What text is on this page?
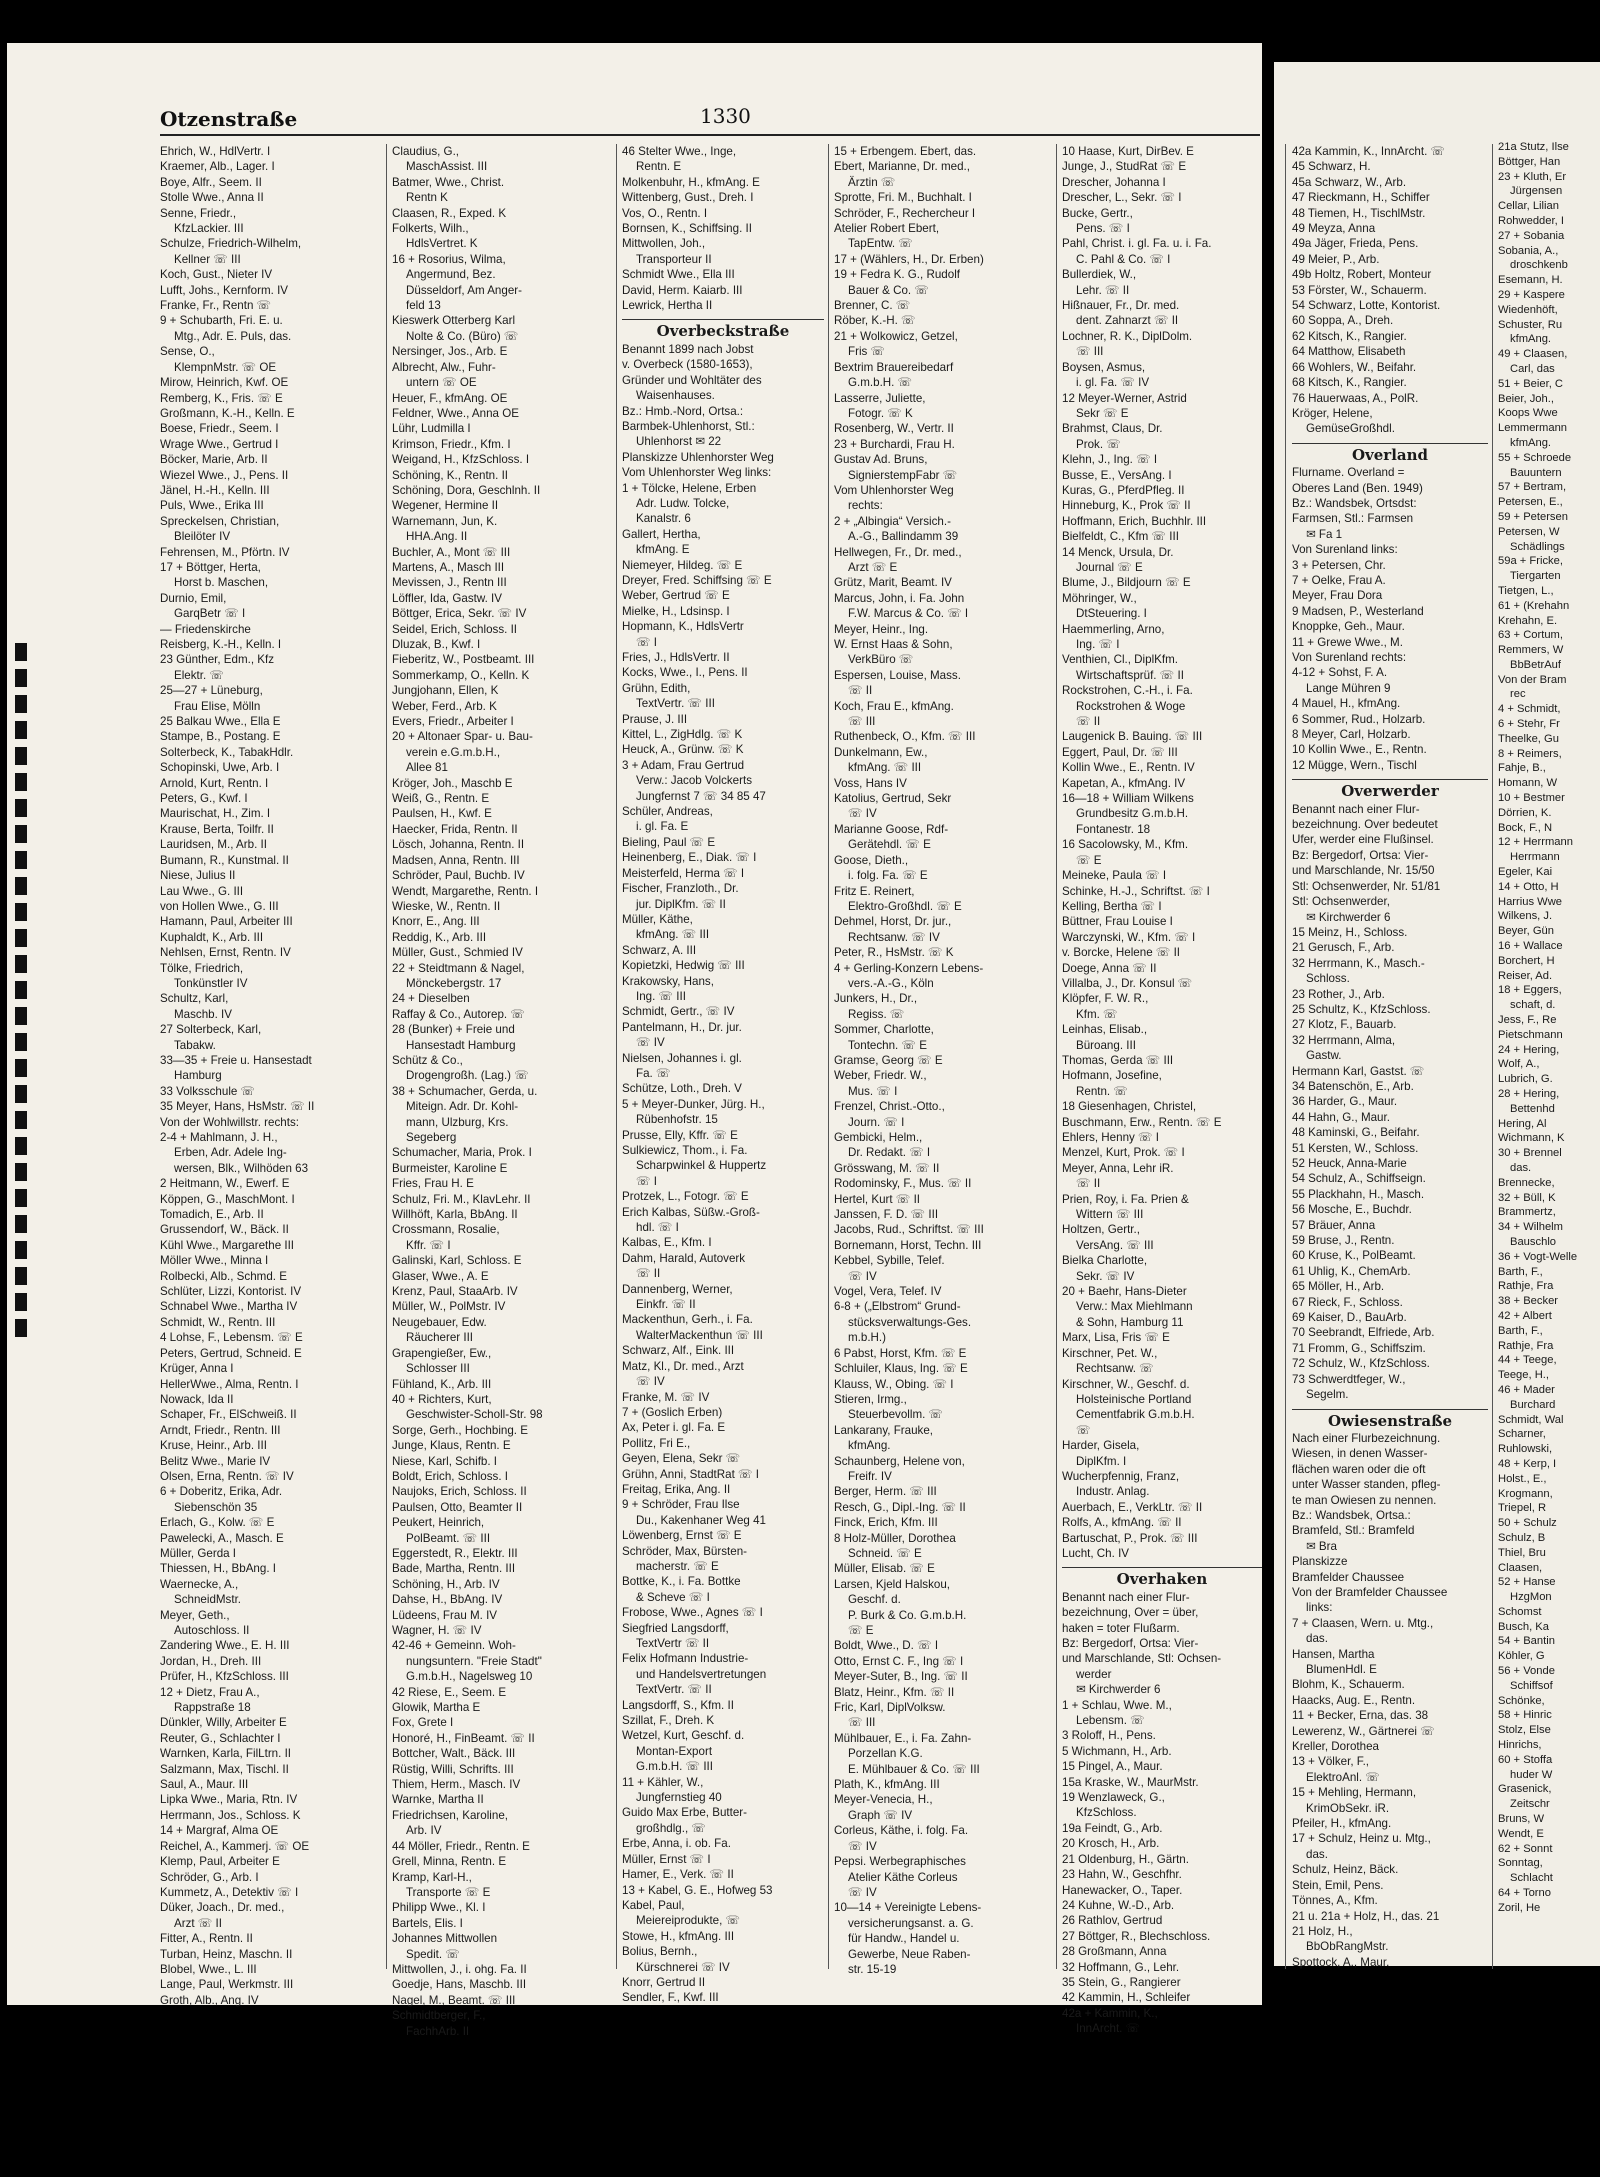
Otzenstraße	1330
Ehrich, W., HdlVertr. I
Kraemer, Alb., Lager. I
Boye, Alfr., Seem. II
Stolle Wwe., Anna II
Senne, Friedr.,
KfzLackier. III
Schulze, Friedrich-Wilhelm,
Kellner ☏ III
Koch, Gust., Nieter IV
Lufft, Johs., Kernform. IV
Franke, Fr., Rentn ☏
9 + Schubarth, Fri. E. u.
Mtg., Adr. E. Puls, das.
Sense, O.,
KlempnMstr. ☏ OE
Mirow, Heinrich, Kwf. OE
Remberg, K., Fris. ☏ E
Großmann, K.-H., Kelln. E
Boese, Friedr., Seem. I
Wrage Wwe., Gertrud I
Böcker, Marie, Arb. II
Wiezel Wwe., J., Pens. II
Jänel, H.-H., Kelln. III
Puls, Wwe., Erika III
Spreckelsen, Christian,
Bleilöter IV
Fehrensen, M., Pförtn. IV
17 + Böttger, Herta,
Horst b. Maschen,
Durnio, Emil,
GarqBetr ☏ I
— Friedenskirche
Reisberg, K.-H., Kelln. I
23 Günther, Edm., Kfz
Elektr. ☏
25—27 + Lüneburg,
Frau Elise, Mölln
25 Balkau Wwe., Ella E
Stampe, B., Postang. E
Solterbeck, K., TabakHdlr.
Schopinski, Uwe, Arb. I
Arnold, Kurt, Rentn. I
Peters, G., Kwf. I
Maurischat, H., Zim. I
Krause, Berta, Toilfr. II
Lauridsen, M., Arb. II
Bumann, R., Kunstmal. II
Niese, Julius II
Lau Wwe., G. III
von Hollen Wwe., G. III
Hamann, Paul, Arbeiter III
Kuphaldt, K., Arb. III
Nehlsen, Ernst, Rentn. IV
Tölke, Friedrich,
Tonkünstler IV
Schultz, Karl,
Maschb. IV
27 Solterbeck, Karl,
Tabakw.
33—35 + Freie u. Hansestadt
Hamburg
33 Volksschule ☏
35 Meyer, Hans, HsMstr. ☏ II
Von der Wohlwillstr. rechts:
2-4 + Mahlmann, J. H.,
Erben, Adr. Adele Ing-
wersen, Blk., Wilhöden 63
2 Heitmann, W., Ewerf. E
Köppen, G., MaschMont. I
Tomadich, E., Arb. II
Grussendorf, W., Bäck. II
Kühl Wwe., Margarethe III
Möller Wwe., Minna I
Rolbecki, Alb., Schmd. E
Schlüter, Lizzi, Kontorist. IV
Schnabel Wwe., Martha IV
Schmidt, W., Rentn. III
4 Lohse, F., Lebensm. ☏ E
Peters, Gertrud, Schneid. E
Krüger, Anna I
HellerWwe., Alma, Rentn. I
Nowack, Ida II
Schaper, Fr., ElSchweiß. II
Arndt, Friedr., Rentn. III
Kruse, Heinr., Arb. III
Belitz Wwe., Marie IV
Olsen, Erna, Rentn. ☏ IV
6 + Doberitz, Erika, Adr.
Siebenschön 35
Erlach, G., Kolw. ☏ E
Pawelecki, A., Masch. E
Müller, Gerda I
Thiessen, H., BbAng. I
Waernecke, A.,
SchneidMstr.
Meyer, Geth.,
Autoschloss. II
Zandering Wwe., E. H. III
Jordan, H., Dreh. III
Prüfer, H., KfzSchloss. III
12 + Dietz, Frau A.,
Rappstraße 18
Dünkler, Willy, Arbeiter E
Reuter, G., Schlachter I
Warnken, Karla, FilLtrn. II
Salzmann, Max, Tischl. II
Saul, A., Maur. III
Lipka Wwe., Maria, Rtn. IV
Herrmann, Jos., Schloss. K
14 + Margraf, Alma OE
Reichel, A., Kammerj. ☏ OE
Klemp, Paul, Arbeiter E
Schröder, G., Arb. I
Kummetz, A., Detektiv ☏ I
Düker, Joach., Dr. med.,
Arzt ☏ II
Fitter, A., Rentn. II
Turban, Heinz, Maschn. II
Blobel, Wwe., L. III
Lange, Paul, Werkmstr. III
Groth, Alb., Ang. IV
Claudius, G.,
MaschAssist. III
Batmer, Wwe., Christ.
Rentn K
Claasen, R., Exped. K
Folkerts, Wilh.,
HdlsVertret. K
16 + Rosorius, Wilma,
Angermund, Bez.
Düsseldorf, Am Anger-
feld 13
Kieswerk Otterberg Karl
Nolte & Co. (Büro) ☏
Nersinger, Jos., Arb. E
Albrecht, Alw., Fuhr-
untern ☏ OE
Heuer, F., kfmAng. OE
Feldner, Wwe., Anna OE
Lühr, Ludmilla I
Krimson, Friedr., Kfm. I
Weigand, H., KfzSchloss. I
Schöning, K., Rentn. II
Schöning, Dora, Geschlnh. II
Wegener, Hermine II
Warnemann, Jun, K.
HHA.Ang. II
Buchler, A., Mont ☏ III
Martens, A., Masch III
Mevissen, J., Rentn III
Löffler, Ida, Gastw. IV
Böttger, Erica, Sekr. ☏ IV
Seidel, Erich, Schloss. II
Dluzak, B., Kwf. I
Fieberitz, W., Postbeamt. III
Sommerkamp, O., Kelln. K
Jungjohann, Ellen, K
Weber, Ferd., Arb. K
Evers, Friedr., Arbeiter I
20 + Altonaer Spar- u. Bau-
verein e.G.m.b.H.,
Allee 81
Kröger, Joh., Maschb E
Weiß, G., Rentn. E
Paulsen, H., Kwf. E
Haecker, Frida, Rentn. II
Lösch, Johanna, Rentn. II
Madsen, Anna, Rentn. III
Schröder, Paul, Buchb. IV
Wendt, Margarethe, Rentn. I
Wieske, W., Rentn. II
Knorr, E., Ang. III
Reddig, K., Arb. III
Müller, Gust., Schmied IV
22 + Steidtmann & Nagel,
Mönckebergstr. 17
24 + Dieselben
Raffay & Co., Autorep. ☏
28 (Bunker) + Freie und
Hansestadt Hamburg
Schütz & Co.,
Drogengroßh. (Lag.) ☏
38 + Schumacher, Gerda, u.
Miteign. Adr. Dr. Kohl-
mann, Ulzburg, Krs.
Segeberg
Schumacher, Maria, Prok. I
Burmeister, Karoline E
Fries, Frau H. E
Schulz, Fri. M., KlavLehr. II
Willhöft, Karla, BbAng. II
Crossmann, Rosalie,
Kffr. ☏ I
Galinski, Karl, Schloss. E
Glaser, Wwe., A. E
Krenz, Paul, StaaArb. IV
Müller, W., PolMstr. IV
Neugebauer, Edw.
Räucherer III
Grapengießer, Ew.,
Schlosser III
Fühland, K., Arb. III
40 + Richters, Kurt,
Geschwister-Scholl-Str. 98
Sorge, Gerh., Hochbing. E
Junge, Klaus, Rentn. E
Niese, Karl, Schifb. I
Boldt, Erich, Schloss. I
Naujoks, Erich, Schloss. II
Paulsen, Otto, Beamter II
Peukert, Heinrich,
PolBeamt. ☏ III
Eggerstedt, R., Elektr. III
Bade, Martha, Rentn. III
Schöning, H., Arb. IV
Dahse, H., BbAng. IV
Lüdeens, Frau M. IV
Wagner, H. ☏ IV
42-46 + Gemeinn. Woh-
nungsuntern. "Freie Stadt"
G.m.b.H., Nagelsweg 10
42 Riese, E., Seem. E
Glowik, Martha E
Fox, Grete I
Honoré, H., FinBeamt. ☏ II
Bottcher, Walt., Bäck. III
Rüstig, Willi, Schrifts. III
Thiem, Herm., Masch. IV
Warnke, Martha II
Friedrichsen, Karoline,
Arb. IV
44 Möller, Friedr., Rentn. E
Grell, Minna, Rentn. E
Kramp, Karl-H.,
Transporte ☏ E
Philipp Wwe., Kl. I
Bartels, Elis. I
Johannes Mittwollen
Spedit. ☏
Mittwollen, J., i. ohg. Fa. II
Goedje, Hans, Maschb. III
Nagel, M., Beamt. ☏ III
Schmidtberger, F.,
FachhArb. II
46 Stelter Wwe., Inge,
Rentn. E
Molkenbuhr, H., kfmAng. E
Wittenberg, Gust., Dreh. I
Vos, O., Rentn. I
Bornsen, K., Schiffsing. II
Mittwollen, Joh.,
Transporteur II
Schmidt Wwe., Ella III
David, Herm. Kaiarb. III
Lewrick, Hertha II
Overbeckstraße
Benannt 1899 nach Jobst
v. Overbeck (1580-1653),
Gründer und Wohltäter des
Waisenhauses.
Bz.: Hmb.-Nord, Ortsa.:
Barmbek-Uhlenhorst, Stl.:
Uhlenhorst ✉ 22
Planskizze Uhlenhorster Weg
Vom Uhlenhorster Weg links:
1 + Tölcke, Helene, Erben
Adr. Ludw. Tolcke,
Kanalstr. 6
Gallert, Hertha,
kfmAng. E
Niemeyer, Hildeg. ☏ E
Dreyer, Fred. Schiffsing ☏ E
Weber, Gertrud ☏ E
Mielke, H., Ldsinsp. I
Hopmann, K., HdlsVertr
☏ I
Fries, J., HdlsVertr. II
Kocks, Wwe., I., Pens. II
Grühn, Edith,
TextVertr. ☏ III
Prause, J. III
Kittel, L., ZigHdlg. ☏ K
Heuck, A., Grünw. ☏ K
3 + Adam, Frau Gertrud
Verw.: Jacob Volckerts
Jungfernst 7 ☏ 34 85 47
Schüler, Andreas,
i. gl. Fa. E
Bieling, Paul ☏ E
Heinenberg, E., Diak. ☏ I
Meisterfeld, Herma ☏ I
Fischer, Franzloth., Dr.
jur. DiplKfm. ☏ II
Müller, Käthe,
kfmAng. ☏ III
Schwarz, A. III
Kopietzki, Hedwig ☏ III
Krakowsky, Hans,
Ing. ☏ III
Schmidt, Gertr., ☏ IV
Pantelmann, H., Dr. jur.
☏ IV
Nielsen, Johannes i. gl.
Fa. ☏
Schütze, Loth., Dreh. V
5 + Meyer-Dunker, Jürg. H.,
Rübenhofstr. 15
Prusse, Elly, Kffr. ☏ E
Sulkiewicz, Thom., i. Fa.
Scharpwinkel & Huppertz
☏ I
Protzek, L., Fotogr. ☏ E
Erich Kalbas, Süßw.-Groß-
hdl. ☏ I
Kalbas, E., Kfm. I
Dahm, Harald, Autoverk
☏ II
Dannenberg, Werner,
Einkfr. ☏ II
Mackenthun, Gerh., i. Fa.
WalterMackenthun ☏ III
Schwarz, Alf., Eink. III
Matz, Kl., Dr. med., Arzt
☏ IV
Franke, M. ☏ IV
7 + (Goslich Erben)
Ax, Peter i. gl. Fa. E
Pollitz, Fri E.,
Geyen, Elena, Sekr ☏
Grühn, Anni, StadtRat ☏ I
Freitag, Erika, Ang. II
9 + Schröder, Frau Ilse
Du., Kakenhaner Weg 41
Löwenberg, Ernst ☏ E
Schröder, Max, Bürsten-
macherstr. ☏ E
Bottke, K., i. Fa. Bottke
& Scheve ☏ I
Frobose, Wwe., Agnes ☏ I
Siegfried Langsdorff,
TextVertr ☏ II
Felix Hofmann Industrie-
und Handelsvertretungen
TextVertr. ☏ II
Langsdorff, S., Kfm. II
Szillat, F., Dreh. K
Wetzel, Kurt, Geschf. d.
Montan-Export
G.m.b.H. ☏ III
11 + Kähler, W.,
Jungfernstieg 40
Guido Max Erbe, Butter-
großhdlg., ☏
Erbe, Anna, i. ob. Fa.
Müller, Ernst ☏ I
Hamer, E., Verk. ☏ II
13 + Kabel, G. E., Hofweg 53
Kabel, Paul,
Meiereiprodukte, ☏
Stowe, H., kfmAng. III
Bolius, Bernh.,
Kürschnerei ☏ IV
Knorr, Gertrud II
Sendler, F., Kwf. III
15 + Erbengem. Ebert, das.
Ebert, Marianne, Dr. med.,
Ärztin ☏
Sprotte, Fri. M., Buchhalt. I
Schröder, F., Rechercheur I
Atelier Robert Ebert,
TapEntw. ☏
17 + (Wählers, H., Dr. Erben)
19 + Fedra K. G., Rudolf
Bauer & Co. ☏
Brenner, C. ☏
Röber, K.-H. ☏
21 + Wolkowicz, Getzel,
Fris ☏
Bextrim Brauereibedarf
G.m.b.H. ☏
Lasserre, Juliette,
Fotogr. ☏ K
Rosenberg, W., Vertr. II
23 + Burchardi, Frau H.
Gustav Ad. Bruns,
SignierstempFabr ☏
Vom Uhlenhorster Weg
rechts:
2 + „Albingia“ Versich.-
A.-G., Ballindamm 39
Hellwegen, Fr., Dr. med.,
Arzt ☏ E
Grütz, Marit, Beamt. IV
Marcus, John, i. Fa. John
F.W. Marcus & Co. ☏ I
Meyer, Heinr., Ing.
W. Ernst Haas & Sohn,
VerkBüro ☏
Espersen, Louise, Mass.
☏ II
Koch, Frau E., kfmAng.
☏ III
Ruthenbeck, O., Kfm. ☏ III
Dunkelmann, Ew.,
kfmAng. ☏ III
Voss, Hans IV
Katolius, Gertrud, Sekr
☏ IV
Marianne Goose, Rdf-
Gerätehdl. ☏ E
Goose, Dieth.,
i. folg. Fa. ☏ E
Fritz E. Reinert,
Elektro-Großhdl. ☏ E
Dehmel, Horst, Dr. jur.,
Rechtsanw. ☏ IV
Peter, R., HsMstr. ☏ K
4 + Gerling-Konzern Lebens-
vers.-A.-G., Köln
Junkers, H., Dr.,
Regiss. ☏
Sommer, Charlotte,
Tontechn. ☏ E
Gramse, Georg ☏ E
Weber, Friedr. W.,
Mus. ☏ I
Frenzel, Christ.-Otto.,
Journ. ☏ I
Gembicki, Helm.,
Dr. Redakt. ☏ I
Grösswang, M. ☏ II
Rodominsky, F., Mus. ☏ II
Hertel, Kurt ☏ II
Janssen, F. D. ☏ III
Jacobs, Rud., Schriftst. ☏ III
Bornemann, Horst, Techn. III
Kebbel, Sybille, Telef.
☏ IV
Vogel, Vera, Telef. IV
6-8 + („Elbstrom“ Grund-
stücksverwaltungs-Ges.
m.b.H.)
6 Pabst, Horst, Kfm. ☏ E
Schluiler, Klaus, Ing. ☏ E
Klauss, W., Obing. ☏ I
Stieren, Irmg.,
Steuerbevollm. ☏
Lankarany, Frauke,
kfmAng.
Schaunberg, Helene von,
Freifr. IV
Berger, Herm. ☏ III
Resch, G., Dipl.-Ing. ☏ II
Finck, Erich, Kfm. III
8 Holz-Müller, Dorothea
Schneid. ☏ E
Müller, Elisab. ☏ E
Larsen, Kjeld Halskou,
Geschf. d.
P. Burk & Co. G.m.b.H.
☏ E
Boldt, Wwe., D. ☏ I
Otto, Ernst C. F., Ing ☏ I
Meyer-Suter, B., Ing. ☏ II
Blatz, Heinr., Kfm. ☏ II
Fric, Karl, DiplVolksw.
☏ III
Mühlbauer, E., i. Fa. Zahn-
Porzellan K.G.
E. Mühlbauer & Co. ☏ III
Plath, K., kfmAng. III
Meyer-Venecia, H.,
Graph ☏ IV
Corleus, Käthe, i. folg. Fa.
☏ IV
Pepsi. Werbegraphisches
Atelier Käthe Corleus
☏ IV
10—14 + Vereinigte Lebens-
versicherungsanst. a. G.
für Handw., Handel u.
Gewerbe, Neue Raben-
str. 15-19
10 Haase, Kurt, DirBev. E
Junge, J., StudRat ☏ E
Drescher, Johanna I
Drescher, L., Sekr. ☏ I
Bucke, Gertr.,
Pens. ☏ I
Pahl, Christ. i. gl. Fa. u. i. Fa.
C. Pahl & Co. ☏ I
Bullerdiek, W.,
Lehr. ☏ II
Hißnauer, Fr., Dr. med.
dent. Zahnarzt ☏ II
Lochner, R. K., DiplDolm.
☏ III
Boysen, Asmus,
i. gl. Fa. ☏ IV
12 Meyer-Werner, Astrid
Sekr ☏ E
Brahmst, Claus, Dr.
Prok. ☏
Klehn, J., Ing. ☏ I
Busse, E., VersAng. I
Kuras, G., PferdPfleg. II
Hinneburg, K., Prok ☏ II
Hoffmann, Erich, Buchhlr. III
Bielfeldt, C., Kfm ☏ III
14 Menck, Ursula, Dr.
Journal ☏ E
Blume, J., Bildjourn ☏ E
Möhringer, W.,
DtSteuering. I
Haemmerling, Arno,
Ing. ☏ I
Venthien, Cl., DiplKfm.
Wirtschaftsprüf. ☏ II
Rockstrohen, C.-H., i. Fa.
Rockstrohen & Woge
☏ II
Laugenick B. Bauing. ☏ III
Eggert, Paul, Dr. ☏ III
Kollin Wwe., E., Rentn. IV
Kapetan, A., kfmAng. IV
16—18 + William Wilkens
Grundbesitz G.m.b.H.
Fontanestr. 18
16 Sacolowsky, M., Kfm.
☏ E
Meineke, Paula ☏ I
Schinke, H.-J., Schriftst. ☏ I
Kelling, Bertha ☏ I
Büttner, Frau Louise I
Warczynski, W., Kfm. ☏ I
v. Borcke, Helene ☏ II
Doege, Anna ☏ II
Villalba, J., Dr. Konsul ☏
Klöpfer, F. W. R.,
Kfm. ☏
Leinhas, Elisab.,
Büroang. III
Thomas, Gerda ☏ III
Hofmann, Josefine,
Rentn. ☏
18 Giesenhagen, Christel,
Buschmann, Erw., Rentn. ☏ E
Ehlers, Henny ☏ I
Menzel, Kurt, Prok. ☏ I
Meyer, Anna, Lehr iR.
☏ II
Prien, Roy, i. Fa. Prien &
Wittern ☏ III
Holtzen, Gertr.,
VersAng. ☏ III
Bielka Charlotte,
Sekr. ☏ IV
20 + Baehr, Hans-Dieter
Verw.: Max Miehlmann
& Sohn, Hamburg 11
Marx, Lisa, Fris ☏ E
Kirschner, Pet. W.,
Rechtsanw. ☏
Kirschner, W., Geschf. d.
Holsteinische Portland
Cementfabrik G.m.b.H.
☏
Harder, Gisela,
DiplKfm. I
Wucherpfennig, Franz,
Industr. Anlag.
Auerbach, E., VerkLtr. ☏ II
Rolfs, A., kfmAng. ☏ II
Bartuschat, P., Prok. ☏ III
Lucht, Ch. IV
Overhaken
Benannt nach einer Flur-
bezeichnung, Over = über,
haken = toter Flußarm.
Bz: Bergedorf, Ortsa: Vier-
und Marschlande, Stl: Ochsen-
werder
✉ Kirchwerder 6
1 + Schlau, Wwe. M.,
Lebensm. ☏
3 Roloff, H., Pens.
5 Wichmann, H., Arb.
15 Pingel, A., Maur.
15a Kraske, W., MaurMstr.
19 Wenzlaweck, G.,
KfzSchloss.
19a Feindt, G., Arb.
20 Krosch, H., Arb.
21 Oldenburg, H., Gärtn.
23 Hahn, W., Geschfhr.
Hanewacker, O., Taper.
24 Kuhne, W.-D., Arb.
26 Rathlov, Gertrud
27 Böttger, R., Blechschloss.
28 Großmann, Anna
32 Hoffmann, G., Lehr.
35 Stein, G., Rangierer
42 Kammin, H., Schleifer
42a + Kammin, K.,
InnArcht. ☏
42a Kammin, K., InnArcht. ☏
45 Schwarz, H.
45a Schwarz, W., Arb.
47 Rieckmann, H., Schiffer
48 Tiemen, H., TischlMstr.
49 Meyza, Anna
49a Jäger, Frieda, Pens.
49 Meier, P., Arb.
49b Holtz, Robert, Monteur
53 Förster, W., Schauerm.
54 Schwarz, Lotte, Kontorist.
60 Soppa, A., Dreh.
62 Kitsch, K., Rangier.
64 Matthow, Elisabeth
66 Wohlers, W., Beifahr.
68 Kitsch, K., Rangier.
76 Hauerwaas, A., PolR.
Kröger, Helene,
GemüseGroßhdl.
Overland
Flurname. Overland =
Oberes Land (Ben. 1949)
Bz.: Wandsbek, Ortsdst:
Farmsen, Stl.: Farmsen
✉ Fa 1
Von Surenland links:
3 + Petersen, Chr.
7 + Oelke, Frau A.
Meyer, Frau Dora
9 Madsen, P., Westerland
Knoppke, Geh., Maur.
11 + Grewe Wwe., M.
Von Surenland rechts:
4-12 + Sohst, F. A.
Lange Mühren 9
4 Mauel, H., kfmAng.
6 Sommer, Rud., Holzarb.
8 Meyer, Carl, Holzarb.
10 Kollin Wwe., E., Rentn.
12 Mügge, Wern., Tischl
Overwerder
Benannt nach einer Flur-
bezeichnung. Over bedeutet
Ufer, werder eine Flußinsel.
Bz: Bergedorf, Ortsa: Vier-
und Marschlande, Nr. 15/50
Stl: Ochsenwerder, Nr. 51/81
Stl: Ochsenwerder,
✉ Kirchwerder 6
15 Meinz, H., Schloss.
21 Gerusch, F., Arb.
32 Herrmann, K., Masch.-
Schloss.
23 Rother, J., Arb.
25 Schultz, K., KfzSchloss.
27 Klotz, F., Bauarb.
32 Herrmann, Alma,
Gastw.
Hermann Karl, Gastst. ☏
34 Batenschön, E., Arb.
36 Harder, G., Maur.
44 Hahn, G., Maur.
48 Kaminski, G., Beifahr.
51 Kersten, W., Schloss.
52 Heuck, Anna-Marie
54 Schulz, A., Schiffseign.
55 Plackhahn, H., Masch.
56 Mosche, E., Buchdr.
57 Bräuer, Anna
59 Bruse, J., Rentn.
60 Kruse, K., PolBeamt.
61 Uhlig, K., ChemArb.
65 Möller, H., Arb.
67 Rieck, F., Schloss.
69 Kaiser, D., BauArb.
70 Seebrandt, Elfriede, Arb.
71 Fromm, G., Schiffszim.
72 Schulz, W., KfzSchloss.
73 Schwerdtfeger, W.,
Segelm.
Owiesenstraße
Nach einer Flurbezeichnung.
Wiesen, in denen Wasser-
flächen waren oder die oft
unter Wasser standen, pfleg-
te man Owiesen zu nennen.
Bz.: Wandsbek, Ortsa.:
Bramfeld, Stl.: Bramfeld
✉ Bra
Planskizze
Bramfelder Chaussee
Von der Bramfelder Chaussee
links:
7 + Claasen, Wern. u. Mtg.,
das.
Hansen, Martha
BlumenHdl. E
Blohm, K., Schauerm.
Haacks, Aug. E., Rentn.
11 + Becker, Erna, das. 38
Lewerenz, W., Gärtnerei ☏
Kreller, Dorothea
13 + Völker, F.,
ElektroAnl. ☏
15 + Mehling, Hermann,
KrimObSekr. iR.
Pfeiler, H., kfmAng.
17 + Schulz, Heinz u. Mtg.,
das.
Schulz, Heinz, Bäck.
Stein, Emil, Pens.
Tönnes, A., Kfm.
21 u. 21a + Holz, H., das. 21
21 Holz, H.,
BbObRangMstr.
Spottock, A., Maur.
21a Stutz, Ilse
Böttger, Han
23 + Kluth, Er
Jürgensen
Cellar, Lilian
Rohwedder, I
27 + Sobania
Sobania, A.,
droschkenb
Esemann, H.
29 + Kaspere
Wiedenhöft,
Schuster, Ru
kfmAng.
49 + Claasen,
Carl, das
51 + Beier, C
Beier, Joh.,
Koops Wwe
Lemmermann
kfmAng.
55 + Schroede
Bauuntern
57 + Bertram,
Petersen, E.,
59 + Petersen
Petersen, W
Schädlings
59a + Fricke,
Tiergarten
Tietgen, L.,
61 + (Krehahn
Krehahn, E.
63 + Cortum,
Remmers, W
BbBetrAuf
Von der Bram
rec
4 + Schmidt,
6 + Stehr, Fr
Theelke, Gu
8 + Reimers,
Fahje, B.,
Homann, W
10 + Bestmer
Dörrien, K.
Bock, F., N
12 + Herrmann
Herrmann
Egeler, Kai
14 + Otto, H
Harrius Wwe
Wilkens, J.
Beyer, Gün
16 + Wallace
Borchert, H
Reiser, Ad.
18 + Eggers,
schaft, d.
Jess, F., Re
Pietschmann
24 + Hering,
Wolf, A.,
Lubrich, G.
28 + Hering,
Bettenhd
Hering, Al
Wichmann, K
30 + Brennel
das.
Brennecke,
32 + Büll, K
Brammertz,
34 + Wilhelm
Bauschlo
36 + Vogt-Welle
Barth, F.,
Rathje, Fra
38 + Becker
42 + Albert
Barth, F.,
Rathje, Fra
44 + Teege,
Teege, H.,
46 + Mader
Burchard
Schmidt, Wal
Scharner,
Ruhlowski,
48 + Kerp, I
Holst., E.,
Krogmann,
Triepel, R
50 + Schulz
Schulz, B
Thiel, Bru
Claasen,
52 + Hanse
HzgMon
Schomst
Busch, Ka
54 + Bantin
Köhler, G
56 + Vonde
Schiffsof
Schönke,
58 + Hinric
Stolz, Else
Hinrichs,
60 + Stoffa
huder W
Grasenick,
Zeitschr
Bruns, W
Wendt, E
62 + Sonnt
Sonntag,
Schlacht
64 + Torno
Zoril, He
